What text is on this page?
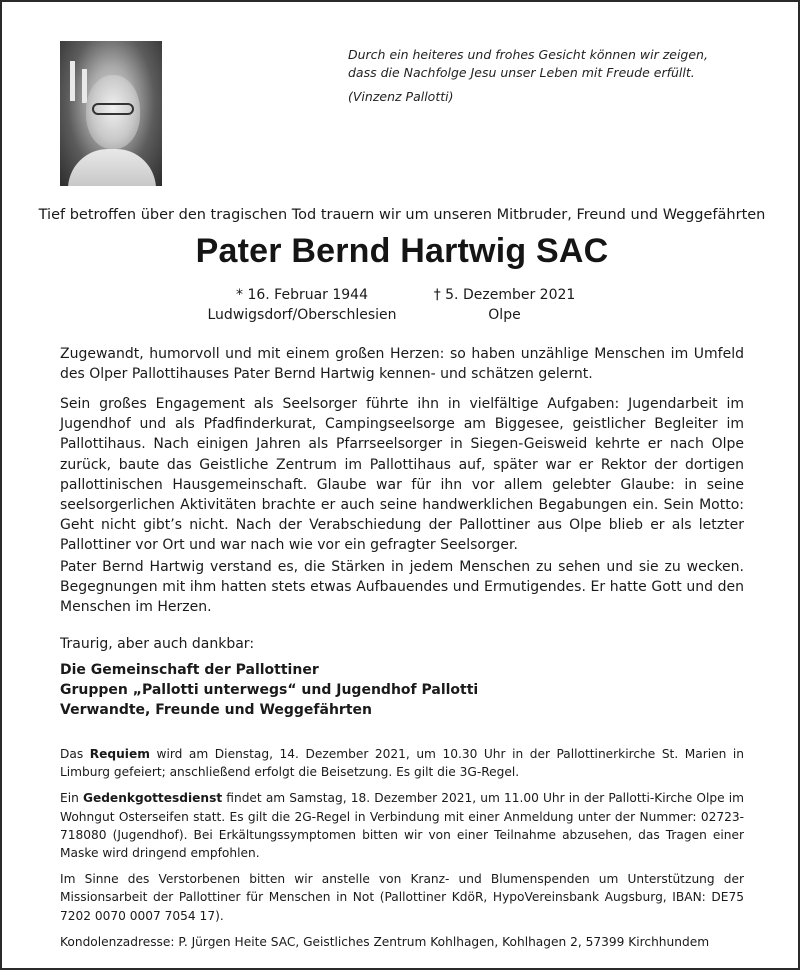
Durch ein heiteres und frohes Gesicht können wir zeigen,
dass die Nachfolge Jesu unser Leben mit Freude erfüllt.
(Vinzenz Pallotti)
Tief betroffen über den tragischen Tod trauern wir um unseren Mitbruder, Freund und Weggefährten
Pater Bernd Hartwig SAC
* 16. Februar 1944
Ludwigsdorf/Oberschlesien
† 5. Dezember 2021
Olpe
Zugewandt, humorvoll und mit einem großen Herzen: so haben unzählige Menschen im Umfeld des Olper Pallottihauses Pater Bernd Hartwig kennen- und schätzen gelernt.
Sein großes Engagement als Seelsorger führte ihn in vielfältige Aufgaben: Jugendarbeit im Jugendhof und als Pfadfinderkurat, Campingseelsorge am Biggesee, geistlicher Begleiter im Pallottihaus. Nach einigen Jahren als Pfarrseelsorger in Siegen-Geisweid kehrte er nach Olpe zurück, baute das Geistliche Zentrum im Pallottihaus auf, später war er Rektor der dortigen pallottinischen Hausgemeinschaft. Glaube war für ihn vor allem gelebter Glaube: in seine seelsorgerlichen Aktivitäten brachte er auch seine handwerklichen Begabungen ein. Sein Motto: Geht nicht gibt’s nicht. Nach der Verabschiedung der Pallottiner aus Olpe blieb er als letzter Pallottiner vor Ort und war nach wie vor ein gefragter Seelsorger.
Pater Bernd Hartwig verstand es, die Stärken in jedem Menschen zu sehen und sie zu wecken. Begegnungen mit ihm hatten stets etwas Aufbauendes und Ermutigendes. Er hatte Gott und den Menschen im Herzen.
Traurig, aber auch dankbar:
Die Gemeinschaft der Pallottiner
Gruppen „Pallotti unterwegs“ und Jugendhof Pallotti
Verwandte, Freunde und Weggefährten

Das Requiem wird am Dienstag, 14. Dezember 2021, um 10.30 Uhr in der Pallottinerkirche St. Marien in Limburg gefeiert; anschließend erfolgt die Beisetzung. Es gilt die 3G-Regel.

Ein Gedenkgottesdienst findet am Samstag, 18. Dezember 2021, um 11.00 Uhr in der Pallotti-Kirche Olpe im Wohngut Osterseifen statt. Es gilt die 2G-Regel in Verbindung mit einer Anmeldung unter der Nummer: 02723-718080 (Jugendhof). Bei Erkältungssymptomen bitten wir von einer Teilnahme abzusehen, das Tragen einer Maske wird dringend empfohlen.

Im Sinne des Verstorbenen bitten wir anstelle von Kranz- und Blumenspenden um Unterstützung der Missionsarbeit der Pallottiner für Menschen in Not (Pallottiner KdöR, HypoVereinsbank Augsburg, IBAN: DE75 7202 0070 0007 7054 17).

Kondolenzadresse: P. Jürgen Heite SAC, Geistliches Zentrum Kohlhagen, Kohlhagen 2, 57399 Kirchhundem
